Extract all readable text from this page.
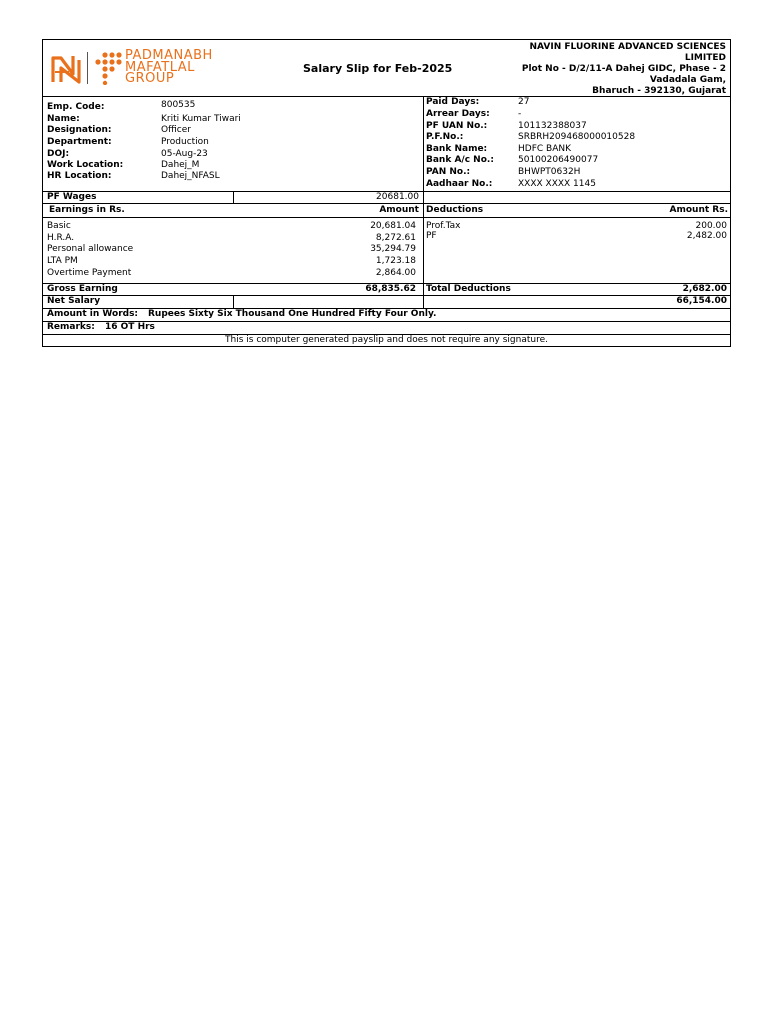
PADMANABH
MAFATLAL
GROUP
Salary Slip for Feb-2025
NAVIN FLUORINE ADVANCED SCIENCES
LIMITED
Plot No - D/2/11-A Dahej GIDC, Phase - 2
Vadadala Gam,
Bharuch - 392130, Gujarat
Emp. Code:	800535
Name:	Kriti Kumar Tiwari
Designation:	Officer
Department:	Production
DOJ:	05-Aug-23
Work Location:	Dahej_M
HR Location:	Dahej_NFASL
Paid Days:	27
Arrear Days:	-
PF UAN No.:	101132388037
P.F.No.:	SRBRH209468000010528
Bank Name:	HDFC BANK
Bank A/c No.:	50100206490077
PAN No.:	BHWPT0632H
Aadhaar No.:	XXXX XXXX 1145
PF Wages	20681.00
Earnings in Rs.	Amount Deductions	Amount Rs.
Basic	20,681.04
H.R.A.	8,272.61
Personal allowance	35,294.79
LTA PM	1,723.18
Overtime Payment	2,864.00
Prof.Tax	200.00
PF	2,482.00
Gross Earning	68,835.62 Total Deductions	2,682.00
Net Salary	66,154.00
Amount in Words: Rupees Sixty Six Thousand One Hundred Fifty Four Only.
Remarks: 16 OT Hrs
This is computer generated payslip and does not require any signature.
